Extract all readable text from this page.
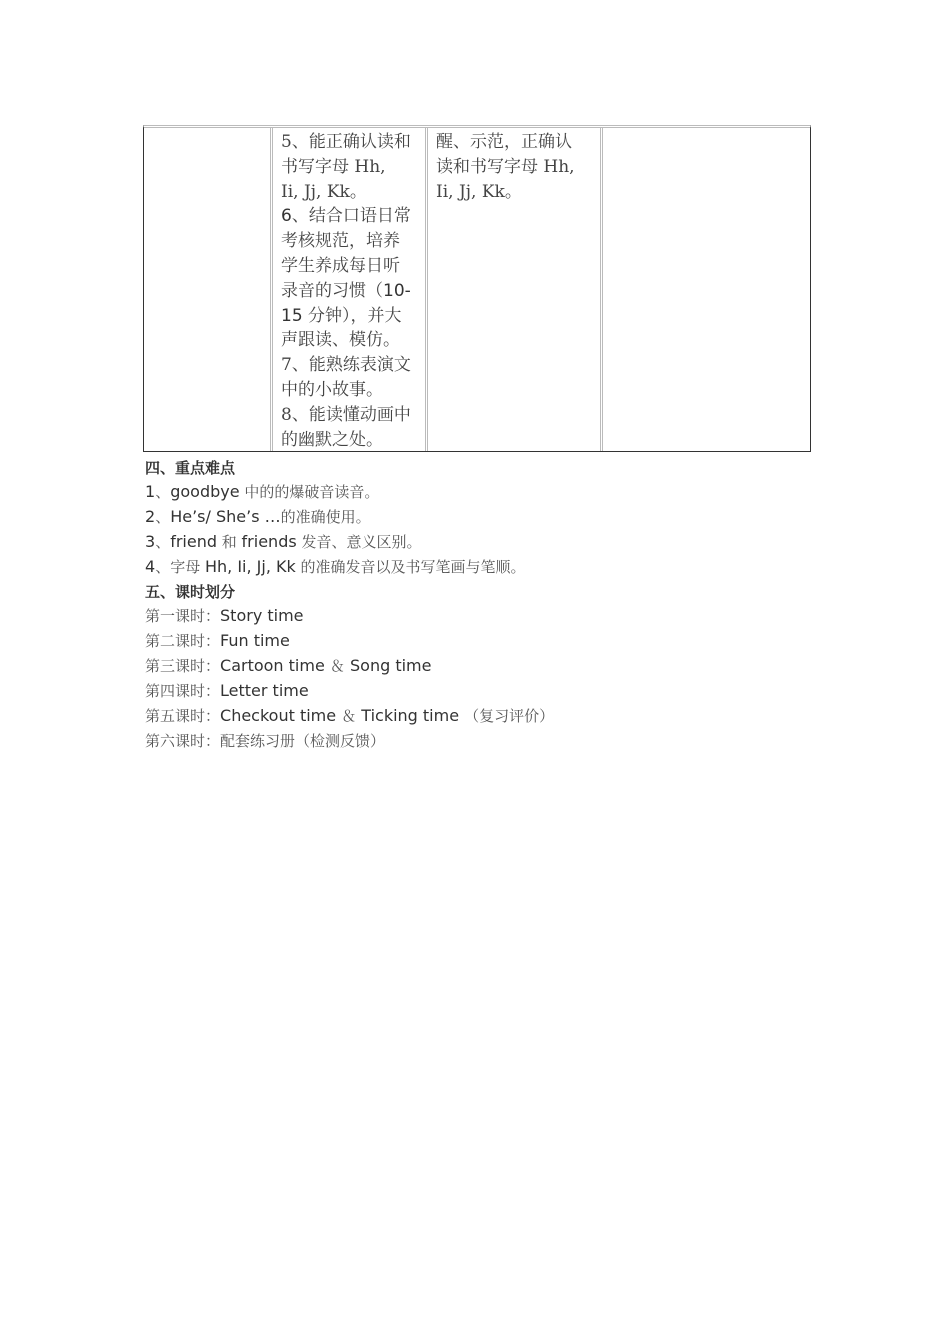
5、能正确认读和
书写字母 Hh,
Ii, Jj, Kk。
6、结合口语日常
考核规范，培养
学生养成每日听
录音的习惯（10-
15 分钟），并大
声跟读、模仿。
7、能熟练表演文
中的小故事。
8、能读懂动画中
的幽默之处。
醒、示范，正确认
读和书写字母 Hh,
Ii, Jj, Kk。
四、重点难点
1、goodbye 中的的爆破音读音。
2、He’s/ She’s …的准确使用。
3、friend 和 friends 发音、意义区别。
4、字母 Hh, Ii, Jj, Kk 的准确发音以及书写笔画与笔顺。
五、课时划分
第一课时：Story time
第二课时：Fun time
第三课时：Cartoon time ＆ Song time
第四课时：Letter time
第五课时：Checkout time ＆ Ticking time （复习评价）
第六课时：配套练习册（检测反馈）
